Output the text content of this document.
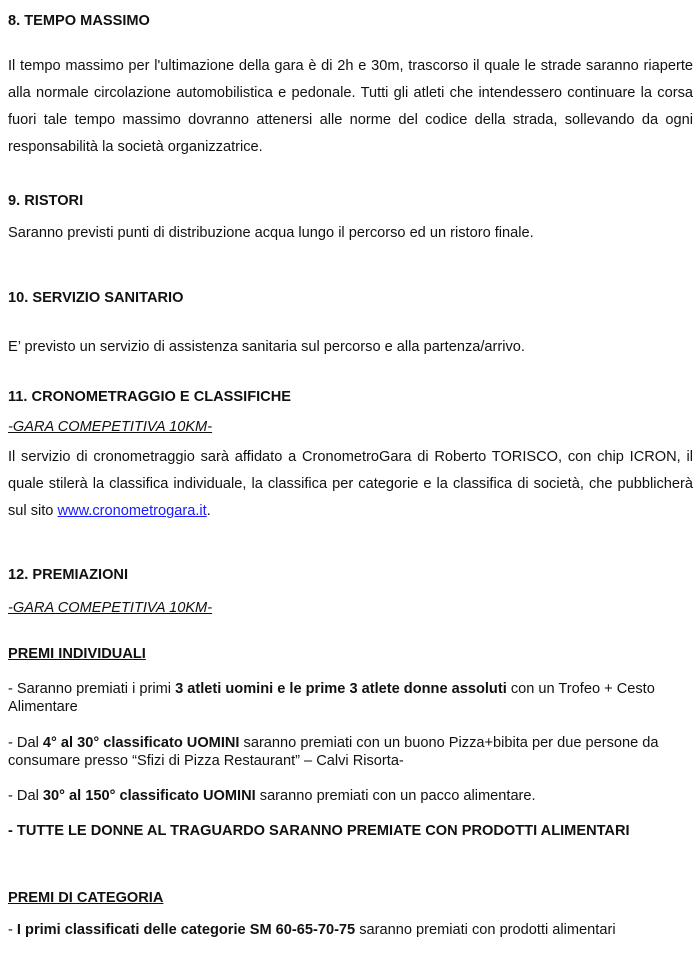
8. TEMPO MASSIMO
Il tempo massimo per l'ultimazione della gara è di 2h e 30m, trascorso il quale le strade saranno riaperte alla normale circolazione automobilistica e pedonale. Tutti gli atleti che intendessero continuare la corsa fuori tale tempo massimo dovranno attenersi alle norme del codice della strada, sollevando da ogni responsabilità la società organizzatrice.
9. RISTORI
Saranno previsti punti di distribuzione acqua lungo il percorso ed un ristoro finale.
10. SERVIZIO SANITARIO
E’ previsto un servizio di assistenza sanitaria sul percorso e alla partenza/arrivo.
11. CRONOMETRAGGIO E CLASSIFICHE
-GARA COMEPETITIVA 10KM-
Il servizio di cronometraggio sarà affidato a CronometroGara di Roberto TORISCO, con chip ICRON, il quale stilerà la classifica individuale, la classifica per categorie e la classifica di società, che pubblicherà sul sito www.cronometrogara.it.
12. PREMIAZIONI
-GARA COMEPETITIVA 10KM-
PREMI INDIVIDUALI
- Saranno premiati i primi 3 atleti uomini e le prime 3 atlete donne assoluti con un Trofeo + Cesto Alimentare
- Dal 4° al 30° classificato UOMINI saranno premiati con un buono Pizza+bibita per due persone da consumare presso “Sfizi di Pizza Restaurant” – Calvi Risorta-
- Dal 30° al 150° classificato UOMINI saranno premiati con un pacco alimentare.
- TUTTE LE DONNE AL TRAGUARDO SARANNO PREMIATE CON PRODOTTI ALIMENTARI
PREMI DI CATEGORIA
- I primi classificati delle categorie SM 60-65-70-75 saranno premiati con prodotti alimentari
